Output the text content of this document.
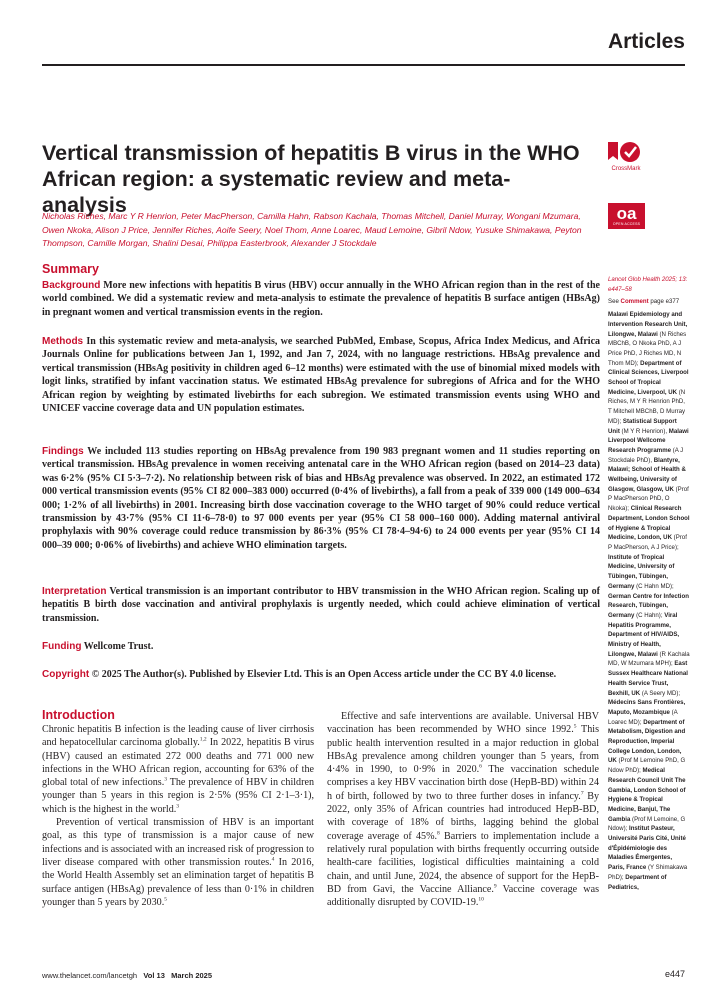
Articles
Vertical transmission of hepatitis B virus in the WHO African region: a systematic review and meta-analysis
CrossMark
oa
OPEN ACCESS
Nicholas Riches, Marc Y R Henrion, Peter MacPherson, Camilla Hahn, Rabson Kachala, Thomas Mitchell, Daniel Murray, Wongani Mzumara, Owen Nkoka, Alison J Price, Jennifer Riches, Aoife Seery, Noel Thom, Anne Loarec, Maud Lemoine, Gibril Ndow, Yusuke Shimakawa, Peyton Thompson, Camille Morgan, Shalini Desai, Philippa Easterbrook, Alexander J Stockdale
Summary
Background More new infections with hepatitis B virus (HBV) occur annually in the WHO African region than in the rest of the world combined. We did a systematic review and meta-analysis to estimate the prevalence of hepatitis B surface antigen (HBsAg) in pregnant women and vertical transmission events in the region.
Methods In this systematic review and meta-analysis, we searched PubMed, Embase, Scopus, Africa Index Medicus, and Africa Journals Online for publications between Jan 1, 1992, and Jan 7, 2024, with no language restrictions. HBsAg prevalence and vertical transmission (HBsAg positivity in children aged 6–12 months) were estimated with the use of binomial mixed models with logit links, stratified by infant vaccination status. We estimated HBsAg prevalence for subregions of Africa and for the WHO African region by weighting by estimated livebirths for each subregion. We estimated transmission events using WHO and UNICEF vaccine coverage data and UN population estimates.
Findings We included 113 studies reporting on HBsAg prevalence from 190 983 pregnant women and 11 studies reporting on vertical transmission. HBsAg prevalence in women receiving antenatal care in the WHO African region (based on 2014–23 data) was 6·2% (95% CI 5·3–7·2). No relationship between risk of bias and HBsAg prevalence was observed. In 2022, an estimated 172 000 vertical transmission events (95% CI 82 000–383 000) occurred (0·4% of livebirths), a fall from a peak of 339 000 (149 000–634 000; 1·2% of all livebirths) in 2001. Increasing birth dose vaccination coverage to the WHO target of 90% could reduce vertical transmission by 43·7% (95% CI 11·6–78·0) to 97 000 events per year (95% CI 58 000–160 000). Adding maternal antiviral prophylaxis with 90% coverage could reduce transmission by 86·3% (95% CI 78·4–94·6) to 24 000 events per year (95% CI 14 000–39 000; 0·06% of livebirths) and achieve WHO elimination targets.
Interpretation Vertical transmission is an important contributor to HBV transmission in the WHO African region. Scaling up of hepatitis B birth dose vaccination and antiviral prophylaxis is urgently needed, which could achieve elimination of vertical transmission.
Funding Wellcome Trust.
Copyright © 2025 The Author(s). Published by Elsevier Ltd. This is an Open Access article under the CC BY 4.0 license.
Introduction

Chronic hepatitis B infection is the leading cause of liver cirrhosis and hepatocellular carcinoma globally.$^{1,2}$ In 2022, hepatitis B virus (HBV) caused an estimated 272 000 deaths and 771 000 new infections in the WHO African region, accounting for 63% of the global total of new infections.$^3$ The prevalence of HBV in children younger than 5 years in this region is 2·5% (95% CI 2·1–3·1), which is the highest in the world.$^3$

Prevention of vertical transmission of HBV is an important goal, as this type of transmission is a major cause of new infections and is associated with an increased risk of progression to liver disease compared with other transmission routes.$^4$ In 2016, the World Health Assembly set an elimination target of hepatitis B surface antigen (HBsAg) prevalence of less than 0·1% in children younger than 5 years by 2030.$^5$

Effective and safe interventions are available. Universal HBV vaccination has been recommended by WHO since 1992.$^5$ This public health intervention resulted in a major reduction in global HBsAg prevalence among children younger than 5 years, from 4·4% in 1990, to 0·9% in 2020.$^6$ The vaccination schedule comprises a key HBV vaccination birth dose (HepB-BD) within 24 h of birth, followed by two to three further doses in infancy.$^7$ By 2022, only 35% of African countries had introduced HepB-BD, with coverage of 18% of births, lagging behind the global coverage average of 45%.$^8$ Barriers to implementation include a relatively rural population with births frequently occurring outside health-care facilities, logistical difficulties maintaining a cold chain, and until June, 2024, the absence of support for the HepB-BD from Gavi, the Vaccine Alliance.$^9$ Vaccine coverage was additionally disrupted by COVID-19.10

Lancet Glob Health 2025; 13: e447–58
See Comment page e377
Malawi Epidemiology and Intervention Research Unit, Lilongwe, Malawi (N Riches MBChB, O Nkoka PhD, A J Price PhD, J Riches MD, N Thom MD); Department of Clinical Sciences, Liverpool School of Tropical Medicine, Liverpool, UK (N Riches, M Y R Henrion PhD, T Mitchell MBChB, D Murray MD); Statistical Support Unit (M Y R Henrion), Malawi Liverpool Wellcome Research Programme (A J Stockdale PhD), Blantyre, Malawi; School of Health & Wellbeing, University of Glasgow, Glasgow, UK (Prof P MacPherson PhD, O Nkoka); Clinical Research Department, London School of Hygiene & Tropical Medicine, London, UK (Prof P MacPherson, A J Price); Institute of Tropical Medicine, University of Tübingen, Tübingen, Germany (C Hahn MD); German Centre for Infection Research, Tübingen, Germany (C Hahn); Viral Hepatitis Programme, Department of HIV/AIDS, Ministry of Health, Lilongwe, Malawi (R Kachala MD, W Mzumara MPH); East Sussex Healthcare National Health Service Trust, Bexhill, UK (A Seery MD); Médecins Sans Frontières, Maputo, Mozambique (A Loarec MD); Department of Metabolism, Digestion and Reproduction, Imperial College London, London, UK (Prof M Lemoine PhD, G Ndow PhD); Medical Research Council Unit The Gambia, London School of Hygiene & Tropical Medicine, Banjul, The Gambia (Prof M Lemoine, G Ndow); Institut Pasteur, Université Paris Cité, Unité d'Épidémiologie des Maladies Émergentes, Paris, France (Y Shimakawa PhD); Department of Pediatrics,
www.thelancet.com/lancetgh Vol 13 March 2025	e447
